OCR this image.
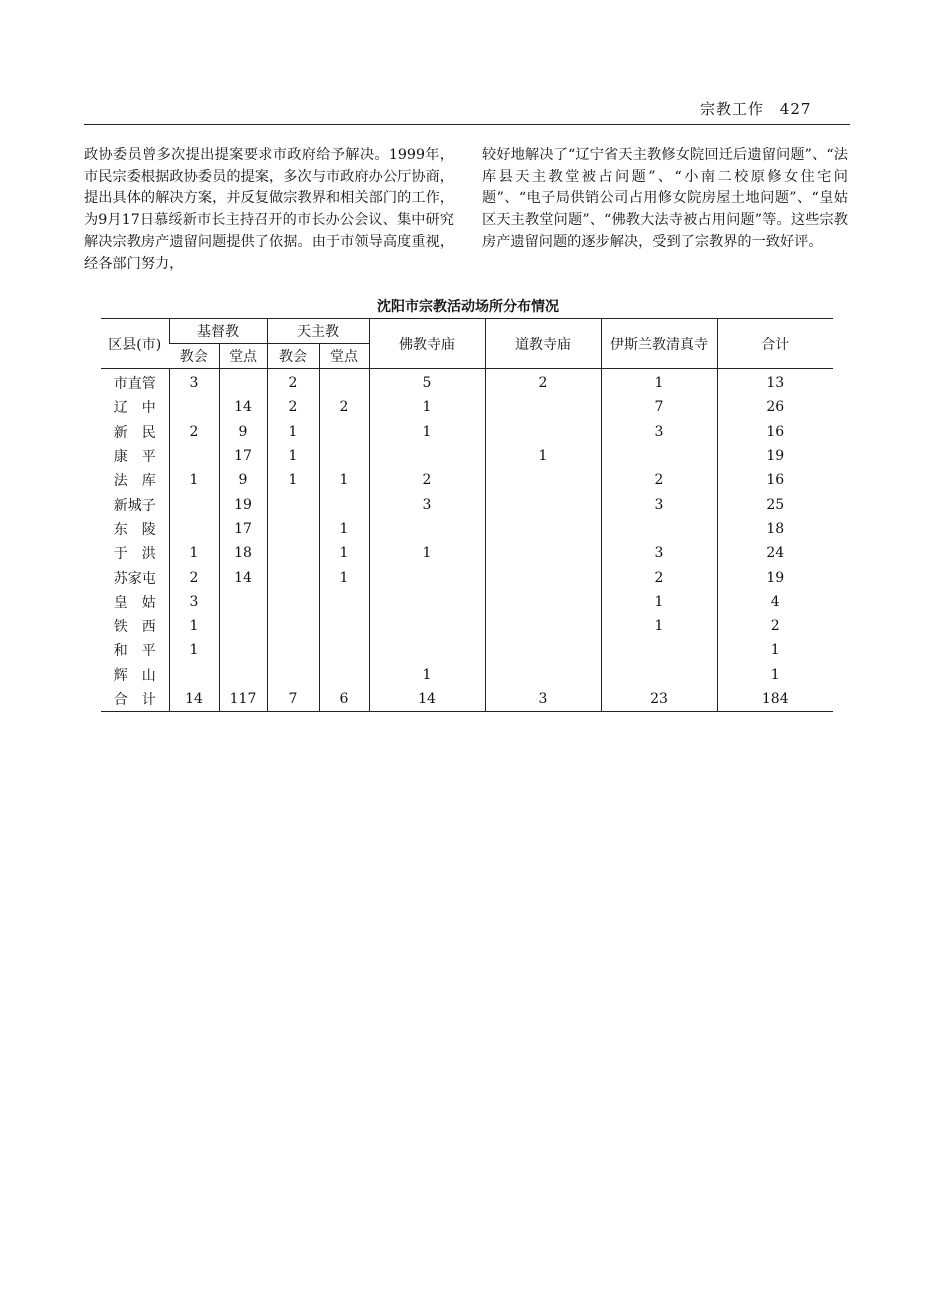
宗教工作 427

政协委员曾多次提出提案要求市政府给予解决。1999年，市民宗委根据政协委员的提案，多次与市政府办公厅协商，提出具体的解决方案，并反复做宗教界和相关部门的工作，为9月17日慕绥新市长主持召开的市长办公会议、集中研究解决宗教房产遗留问题提供了依据。由于市领导高度重视，经各部门努力，

较好地解决了“辽宁省天主教修女院回迁后遗留问题”、“法库县天主教堂被占问题”、“小南二校原修女住宅问题”、“电子局供销公司占用修女院房屋土地问题”、“皇姑区天主教堂问题”、“佛教大法寺被占用问题”等。这些宗教房产遗留问题的逐步解决，受到了宗教界的一致好评。

沈阳市宗教活动场所分布情况
区县(市)	基督教		天主教		佛教寺庙	道教寺庙	伊斯兰教清真寺	合计
	教会	堂点	教会	堂点				
市直管	3		2		5	2	1	13
辽　中		14	2	2	1		7	26
新　民	2	9	1		1		3	16
康　平		17	1			1		19
法　库	1	9	1	1	2		2	16
新城子		19			3		3	25
东　陵		17		1				18
于　洪	1	18		1	1		3	24
苏家屯	2	14		1			2	19
皇　姑	3						1	4
铁　西	1						1	2
和　平	1							1
辉　山					1			1
合　计	14	117	7	6	14	3	23	184
